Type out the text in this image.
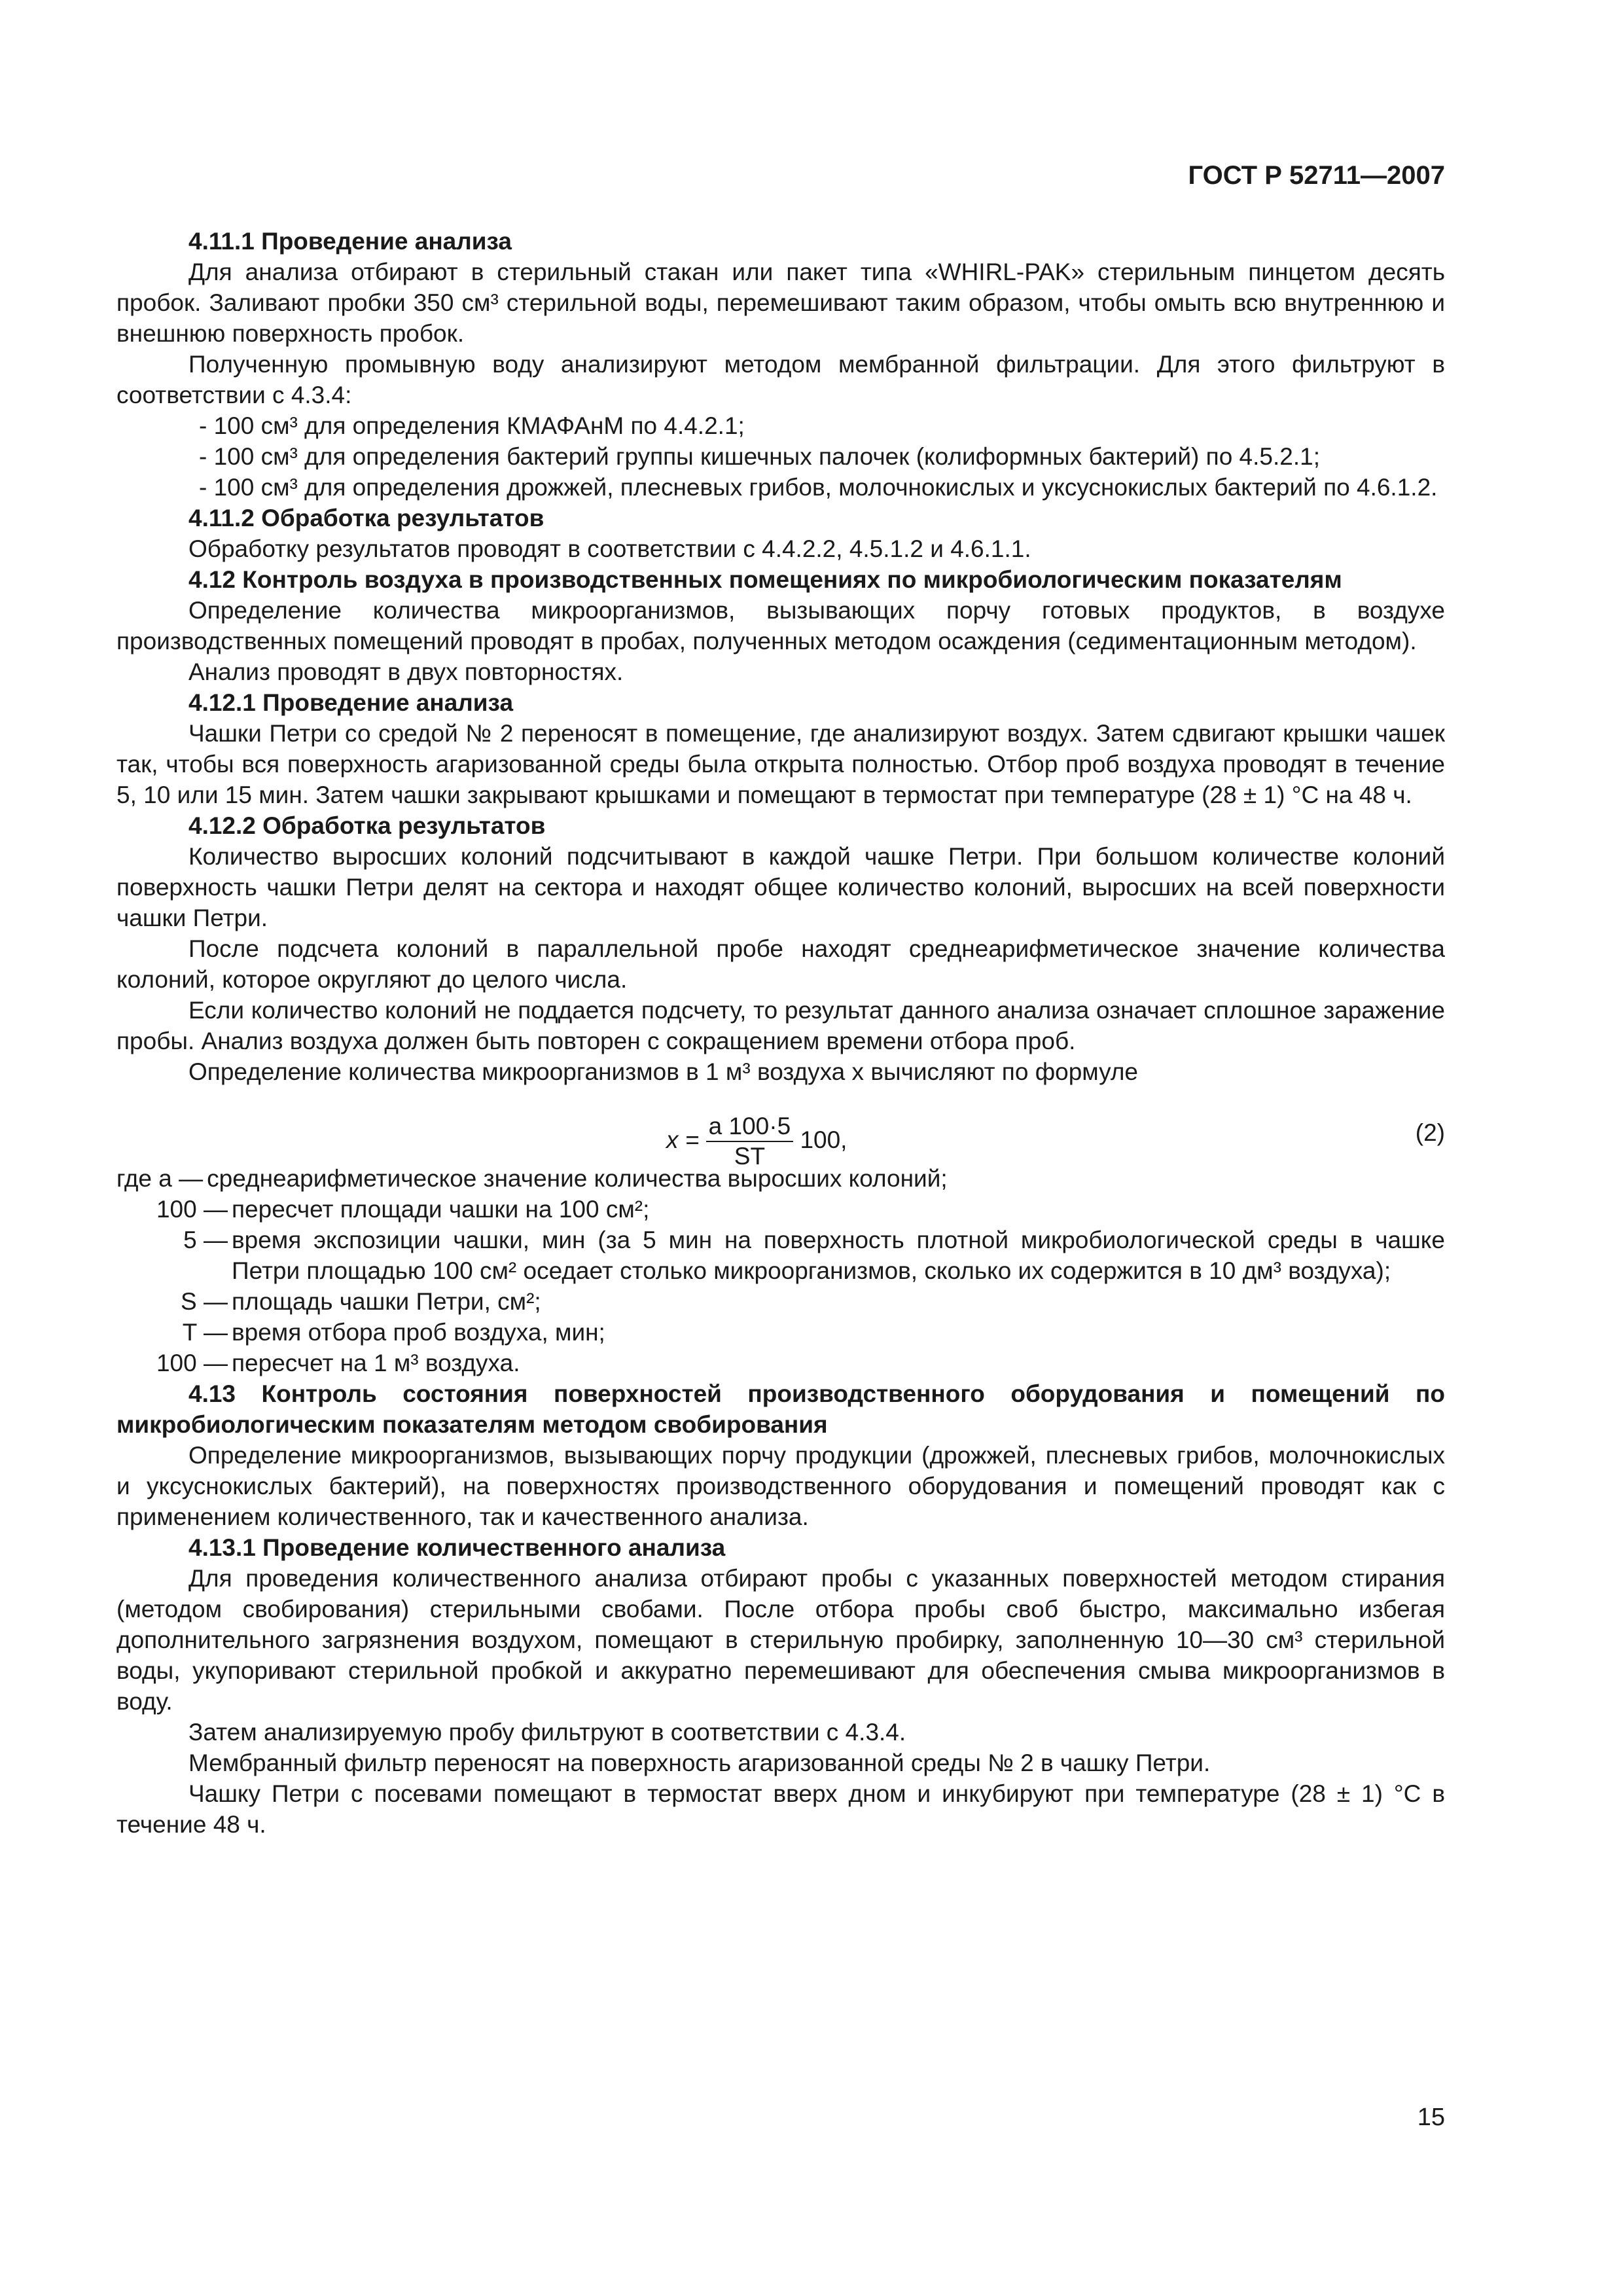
ГОСТ Р 52711—2007

4.11.1 Проведение анализа

Для анализа отбирают в стерильный стакан или пакет типа «WHIRL-PAK» стерильным пинцетом десять пробок. Заливают пробки 350 см³ стерильной воды, перемешивают таким образом, чтобы омыть всю внутреннюю и внешнюю поверхность пробок.

Полученную промывную воду анализируют методом мембранной фильтрации. Для этого фильтруют в соответствии с 4.3.4:

- 100 см³ для определения КМАФАнМ по 4.4.2.1;

- 100 см³ для определения бактерий группы кишечных палочек (колиформных бактерий) по 4.5.2.1;

- 100 см³ для определения дрожжей, плесневых грибов, молочнокислых и уксуснокислых бактерий по 4.6.1.2.

4.11.2 Обработка результатов

Обработку результатов проводят в соответствии с 4.4.2.2, 4.5.1.2 и 4.6.1.1.

4.12 Контроль воздуха в производственных помещениях по микробиологическим показателям

Определение количества микроорганизмов, вызывающих порчу готовых продуктов, в воздухе производственных помещений проводят в пробах, полученных методом осаждения (седиментационным методом).

Анализ проводят в двух повторностях.

4.12.1 Проведение анализа

Чашки Петри со средой № 2 переносят в помещение, где анализируют воздух. Затем сдвигают крышки чашек так, чтобы вся поверхность агаризованной среды была открыта полностью. Отбор проб воздуха проводят в течение 5, 10 или 15 мин. Затем чашки закрывают крышками и помещают в термостат при температуре (28 ± 1) °С на 48 ч.

4.12.2 Обработка результатов

Количество выросших колоний подсчитывают в каждой чашке Петри. При большом количестве колоний поверхность чашки Петри делят на сектора и находят общее количество колоний, выросших на всей поверхности чашки Петри.

После подсчета колоний в параллельной пробе находят среднеарифметическое значение количества колоний, которое округляют до целого числа.

Если количество колоний не поддается подсчету, то результат данного анализа означает сплошное заражение пробы. Анализ воздуха должен быть повторен с сокращением времени отбора проб.

Определение количества микроорганизмов в 1 м³ воздуха x вычисляют по формуле

$x = \frac{a 100\cdot 5}{ST} 100$,	(2)
где a — среднеарифметическое значение количества выросших колоний;
100 — пересчет площади чашки на 100 см²;
5 — время экспозиции чашки, мин (за 5 мин на поверхность плотной микробиологической среды в чашке Петри площадью 100 см² оседает столько микроорганизмов, сколько их содержится в 10 дм³ воздуха);
S — площадь чашки Петри, см²;
T — время отбора проб воздуха, мин;
100 — пересчет на 1 м³ воздуха.

4.13 Контроль состояния поверхностей производственного оборудования и помещений по микробиологическим показателям методом свобирования

Определение микроорганизмов, вызывающих порчу продукции (дрожжей, плесневых грибов, молочнокислых и уксуснокислых бактерий), на поверхностях производственного оборудования и помещений проводят как с применением количественного, так и качественного анализа.

4.13.1 Проведение количественного анализа

Для проведения количественного анализа отбирают пробы с указанных поверхностей методом стирания (методом свобирования) стерильными свобами. После отбора пробы своб быстро, максимально избегая дополнительного загрязнения воздухом, помещают в стерильную пробирку, заполненную 10—30 см³ стерильной воды, укупоривают стерильной пробкой и аккуратно перемешивают для обеспечения смыва микроорганизмов в воду.

Затем анализируемую пробу фильтруют в соответствии с 4.3.4.

Мембранный фильтр переносят на поверхность агаризованной среды № 2 в чашку Петри.

Чашку Петри с посевами помещают в термостат вверх дном и инкубируют при температуре (28 ± 1) °С в течение 48 ч.

15
